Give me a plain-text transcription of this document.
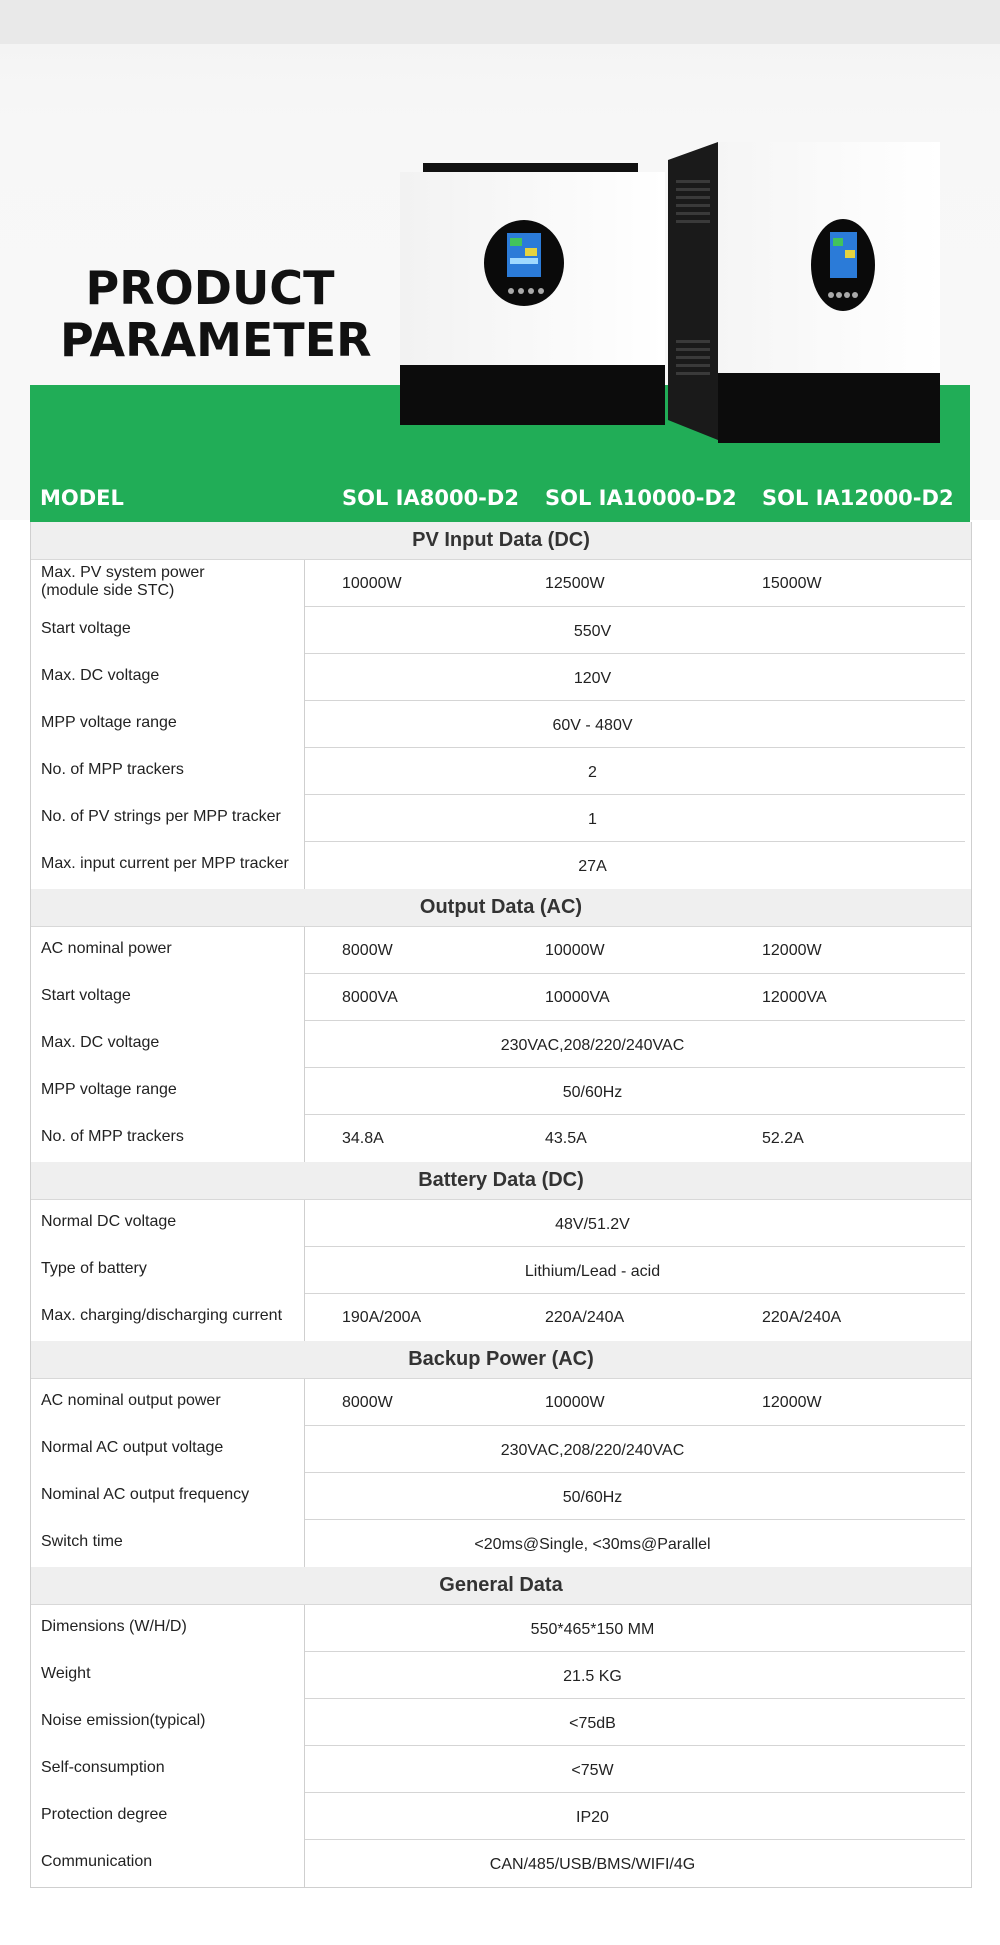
PRODUCT
PARAMETER
MODEL	SOL IA8000-D2 SOL IA10000-D2 SOL IA12000-D2
PV Input Data (DC)
Max. PV system power
(module side STC)	10000W	12500W	15000W
Start voltage	550V
Max. DC voltage	120V
MPP voltage range	60V - 480V
No. of MPP trackers	2
No. of PV strings per MPP tracker	1
Max. input current per MPP tracker	27A
Output Data (AC)
AC nominal power	8000W	10000W	12000W
Start voltage	8000VA	10000VA	12000VA
Max. DC voltage	230VAC,208/220/240VAC
MPP voltage range	50/60Hz
No. of MPP trackers	34.8A	43.5A	52.2A
Battery Data (DC)
Normal DC voltage	48V/51.2V
Type of battery	Lithium/Lead - acid
Max. charging/discharging current	190A/200A	220A/240A	220A/240A
Backup Power (AC)
AC nominal output power	8000W	10000W	12000W
Normal AC output voltage	230VAC,208/220/240VAC
Nominal AC output frequency	50/60Hz
Switch time	<20ms@Single, <30ms@Parallel
General Data
Dimensions (W/H/D)	550*465*150 MM
Weight	21.5 KG
Noise emission(typical)	<75dB
Self-consumption	<75W
Protection degree	IP20
Communication	CAN/485/USB/BMS/WIFI/4G
